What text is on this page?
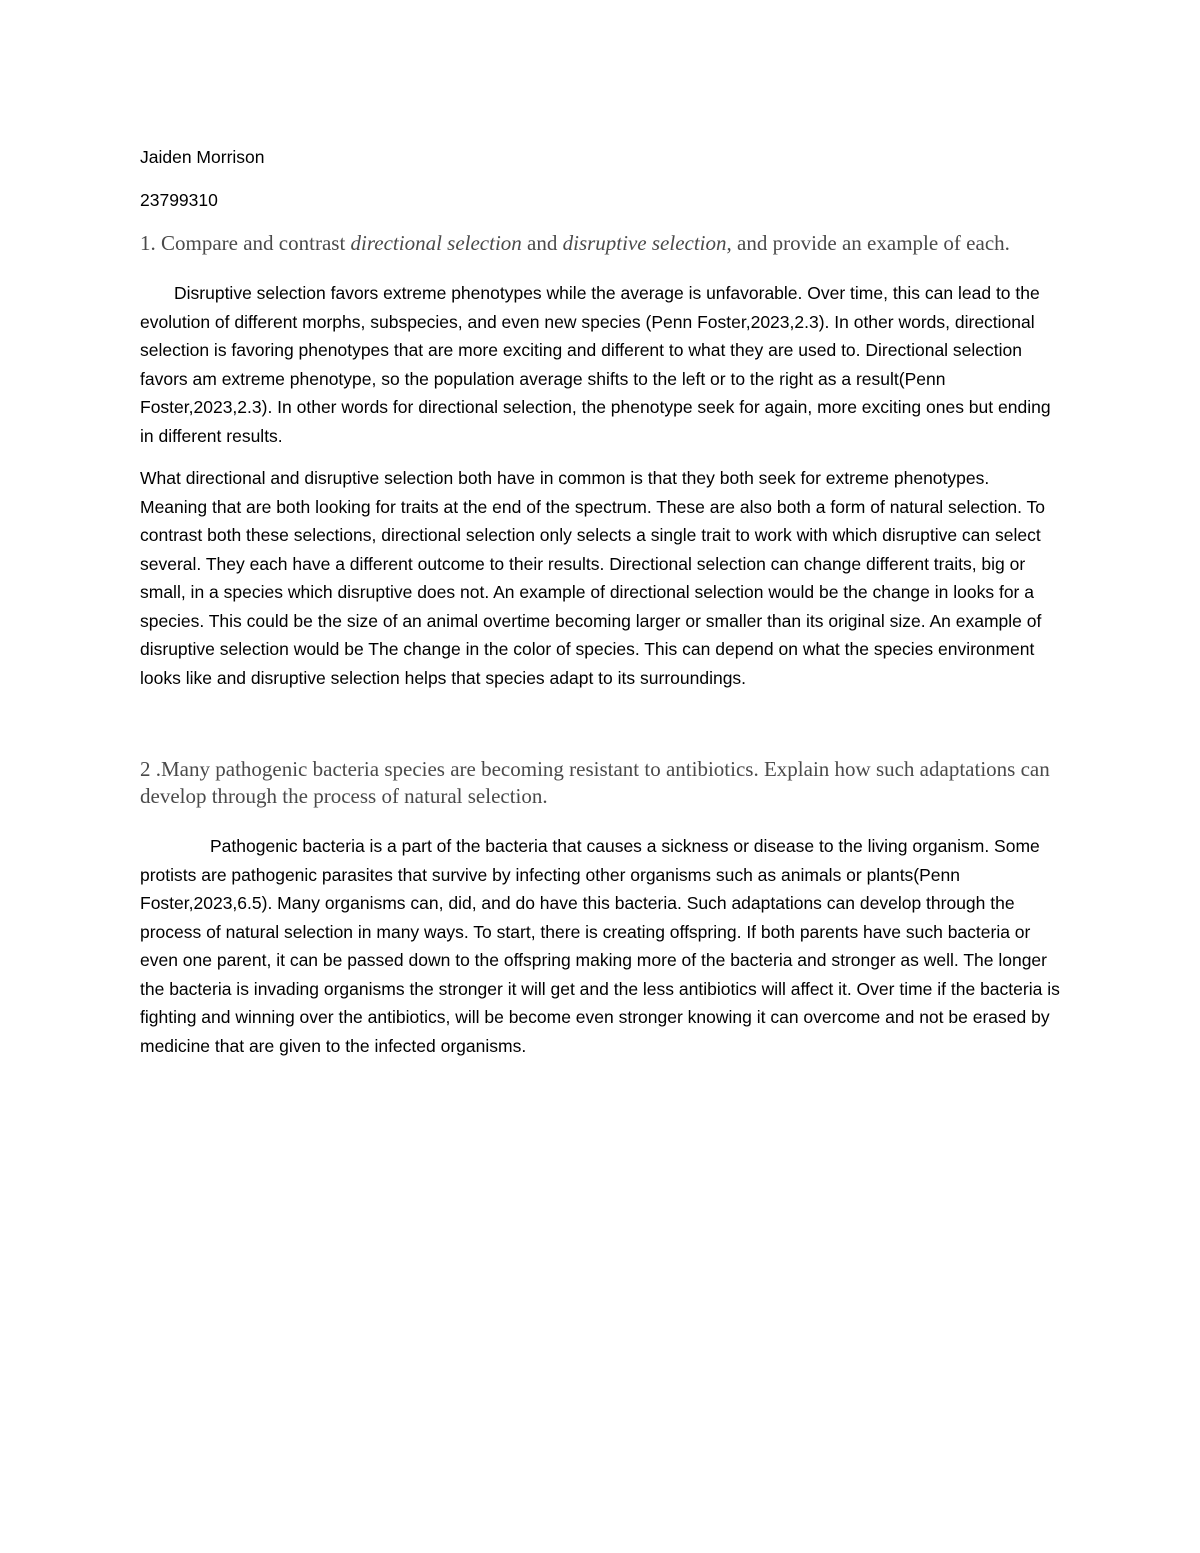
Jaiden Morrison

23799310

1. Compare and contrast directional selection and disruptive selection, and provide an example of each.

Disruptive selection favors extreme phenotypes while the average is unfavorable. Over time, this can lead to the evolution of different morphs, subspecies, and even new species (Penn Foster,2023,2.3). In other words, directional selection is favoring phenotypes that are more exciting and different to what they are used to. Directional selection favors am extreme phenotype, so the population average shifts to the left or to the right as a result(Penn Foster,2023,2.3). In other words for directional selection, the phenotype seek for again, more exciting ones but ending in different results.

What directional and disruptive selection both have in common is that they both seek for extreme phenotypes. Meaning that are both looking for traits at the end of the spectrum. These are also both a form of natural selection. To contrast both these selections, directional selection only selects a single trait to work with which disruptive can select several. They each have a different outcome to their results. Directional selection can change different traits, big or small, in a species which disruptive does not. An example of directional selection would be the change in looks for a species. This could be the size of an animal overtime becoming larger or smaller than its original size. An example of disruptive selection would be The change in the color of species. This can depend on what the species environment looks like and disruptive selection helps that species adapt to its surroundings.

2 .Many pathogenic bacteria species are becoming resistant to antibiotics. Explain how such adaptations can develop through the process of natural selection.

Pathogenic bacteria is a part of the bacteria that causes a sickness or disease to the living organism. Some protists are pathogenic parasites that survive by infecting other organisms such as animals or plants(Penn Foster,2023,6.5). Many organisms can, did, and do have this bacteria. Such adaptations can develop through the process of natural selection in many ways. To start, there is creating offspring. If both parents have such bacteria or even one parent, it can be passed down to the offspring making more of the bacteria and stronger as well. The longer the bacteria is invading organisms the stronger it will get and the less antibiotics will affect it. Over time if the bacteria is fighting and winning over the antibiotics, will be become even stronger knowing it can overcome and not be erased by medicine that are given to the infected organisms.
